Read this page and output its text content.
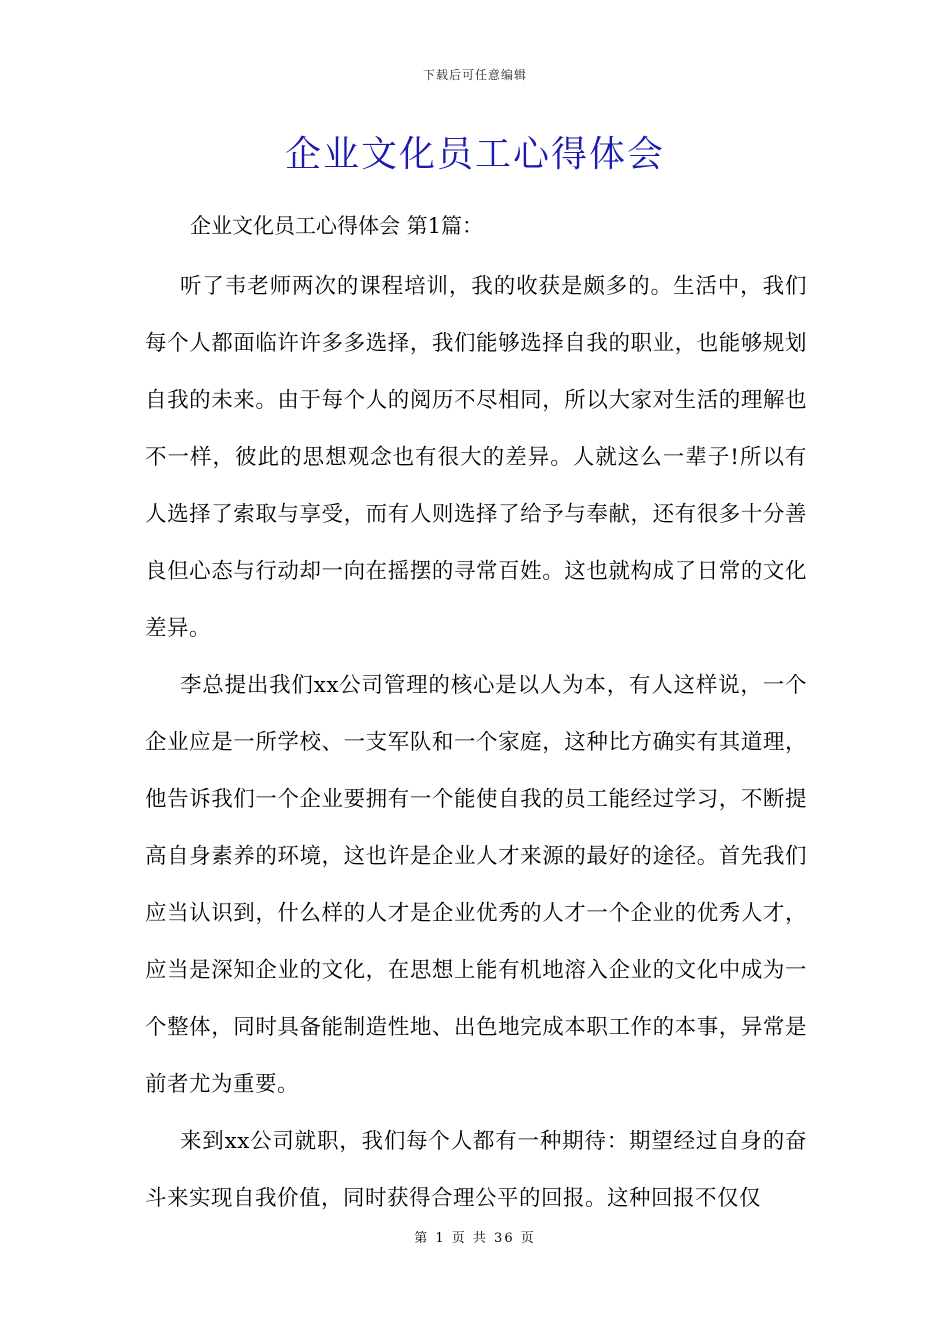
下载后可任意编辑
企业文化员工心得体会
企业文化员工心得体会 第1篇：

听了韦老师两次的课程培训，我的收获是颇多的。生活中，我们每个人都面临许许多多选择，我们能够选择自我的职业，也能够规划自我的未来。由于每个人的阅历不尽相同，所以大家对生活的理解也不一样，彼此的思想观念也有很大的差异。人就这么一辈子!所以有人选择了索取与享受，而有人则选择了给予与奉献，还有很多十分善良但心态与行动却一向在摇摆的寻常百姓。这也就构成了日常的文化差异。

李总提出我们xx公司管理的核心是以人为本，有人这样说，一个企业应是一所学校、一支军队和一个家庭，这种比方确实有其道理，他告诉我们一个企业要拥有一个能使自我的员工能经过学习，不断提高自身素养的环境，这也许是企业人才来源的最好的途径。首先我们应当认识到，什么样的人才是企业优秀的人才一个企业的优秀人才，应当是深知企业的文化，在思想上能有机地溶入企业的文化中成为一个整体，同时具备能制造性地、出色地完成本职工作的本事，异常是前者尤为重要。

来到xx公司就职，我们每个人都有一种期待：期望经过自身的奋斗来实现自我价值，同时获得合理公平的回报。这种回报不仅仅

第 1 页 共 36 页
